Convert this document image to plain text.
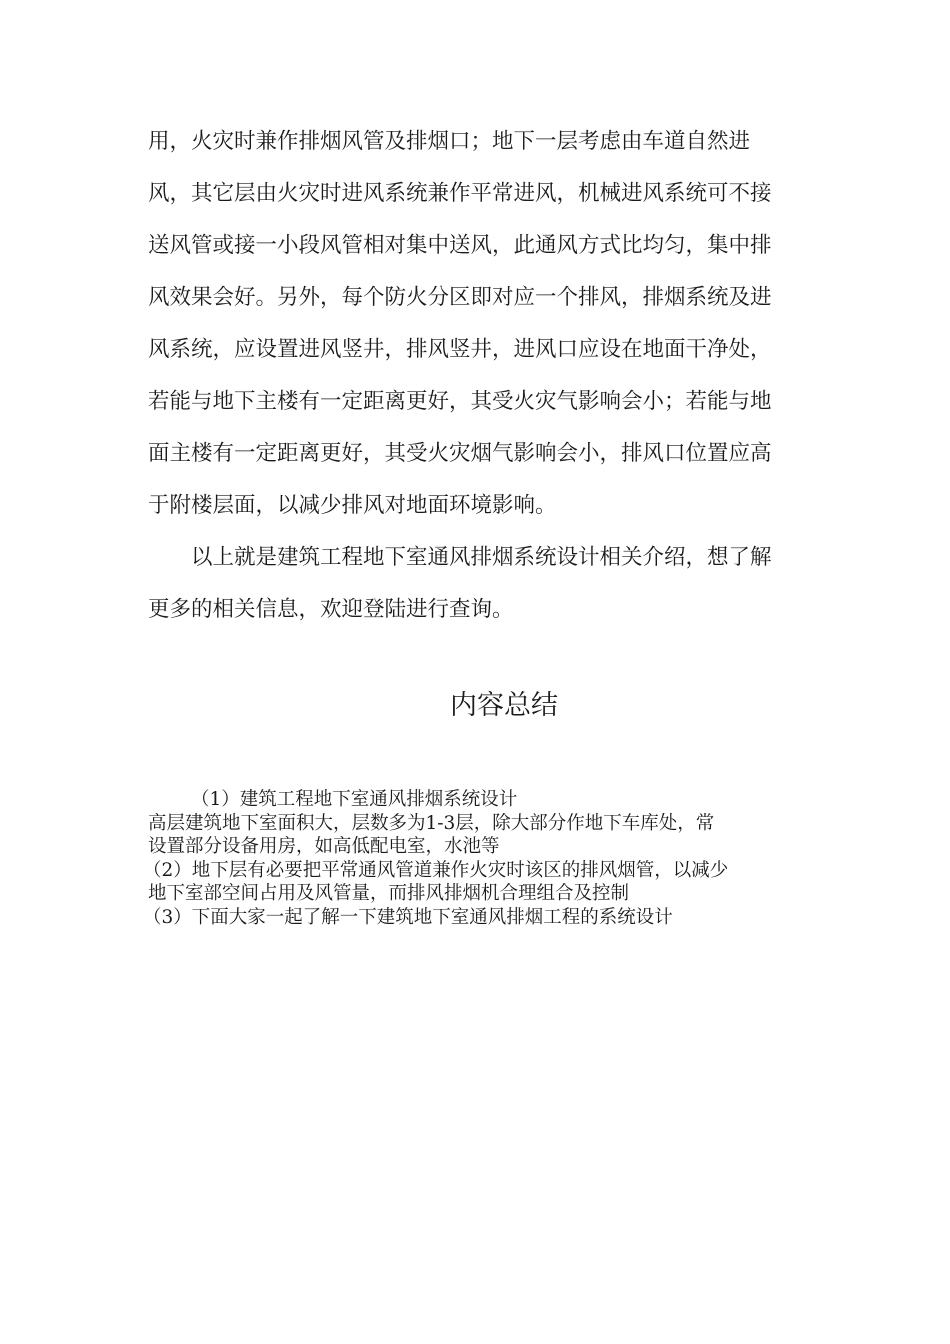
用，火灾时兼作排烟风管及排烟口；地下一层考虑由车道自然进
风，其它层由火灾时进风系统兼作平常进风，机械进风系统可不接
送风管或接一小段风管相对集中送风，此通风方式比均匀，集中排
风效果会好。另外，每个防火分区即对应一个排风，排烟系统及进
风系统，应设置进风竖井，排风竖井，进风口应设在地面干净处，
若能与地下主楼有一定距离更好，其受火灾气影响会小；若能与地
面主楼有一定距离更好，其受火灾烟气影响会小，排风口位置应高
于附楼层面，以减少排风对地面环境影响。
以上就是建筑工程地下室通风排烟系统设计相关介绍，想了解
更多的相关信息，欢迎登陆进行查询。
内容总结
（1）建筑工程地下室通风排烟系统设计
高层建筑地下室面积大，层数多为1-3层，除大部分作地下车库处，常
设置部分设备用房，如高低配电室，水池等
（2）地下层有必要把平常通风管道兼作火灾时该区的排风烟管，以减少
地下室部空间占用及风管量，而排风排烟机合理组合及控制
（3）下面大家一起了解一下建筑地下室通风排烟工程的系统设计
